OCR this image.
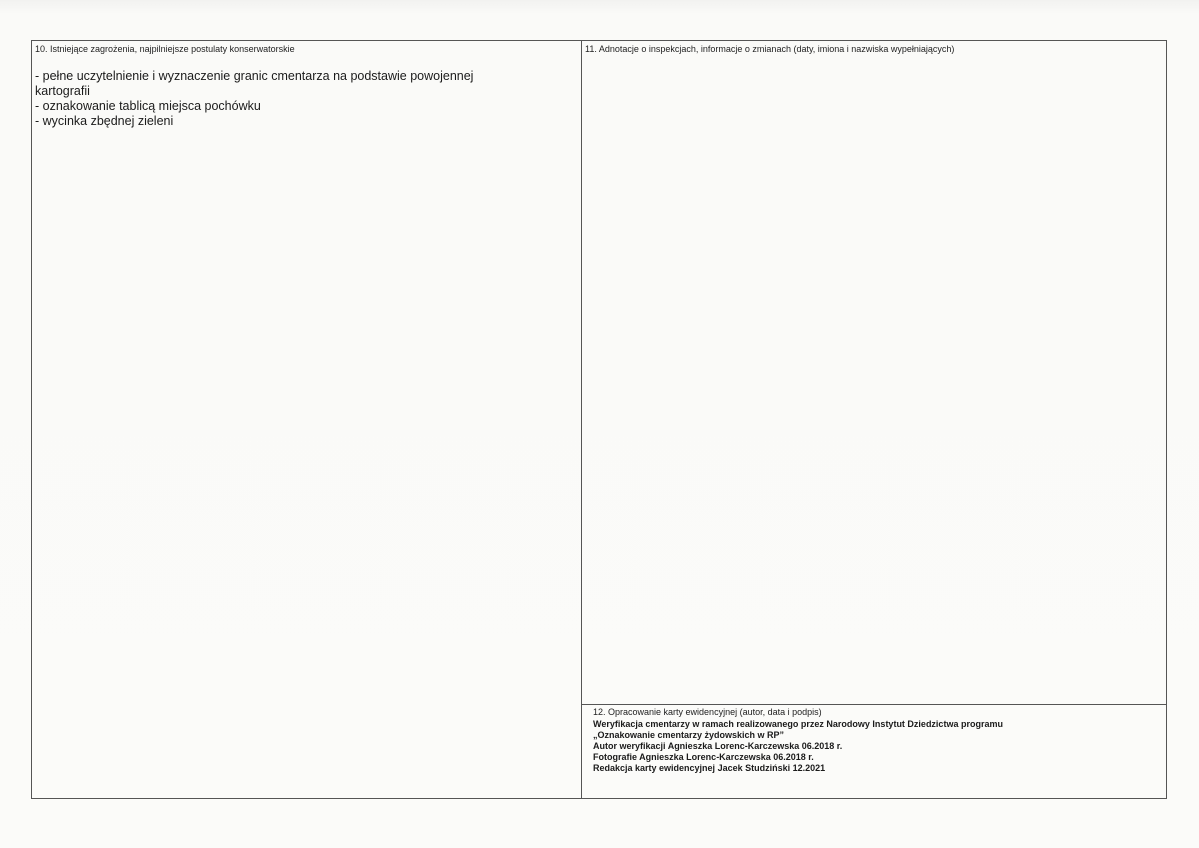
10. Istniejące zagrożenia, najpilniejsze postulaty konserwatorskie
- pełne uczytelnienie i wyznaczenie granic cmentarza na podstawie powojennej
kartografii
- oznakowanie tablicą miejsca pochówku
- wycinka zbędnej zieleni
11. Adnotacje o inspekcjach, informacje o zmianach (daty, imiona i nazwiska wypełniających)
12. Opracowanie karty ewidencyjnej (autor, data i podpis)
Weryfikacja cmentarzy w ramach realizowanego przez Narodowy Instytut Dziedzictwa programu
„Oznakowanie cmentarzy żydowskich w RP”
Autor weryfikacji Agnieszka Lorenc-Karczewska 06.2018 r.
Fotografie Agnieszka Lorenc-Karczewska 06.2018 r.
Redakcja karty ewidencyjnej Jacek Studziński 12.2021
